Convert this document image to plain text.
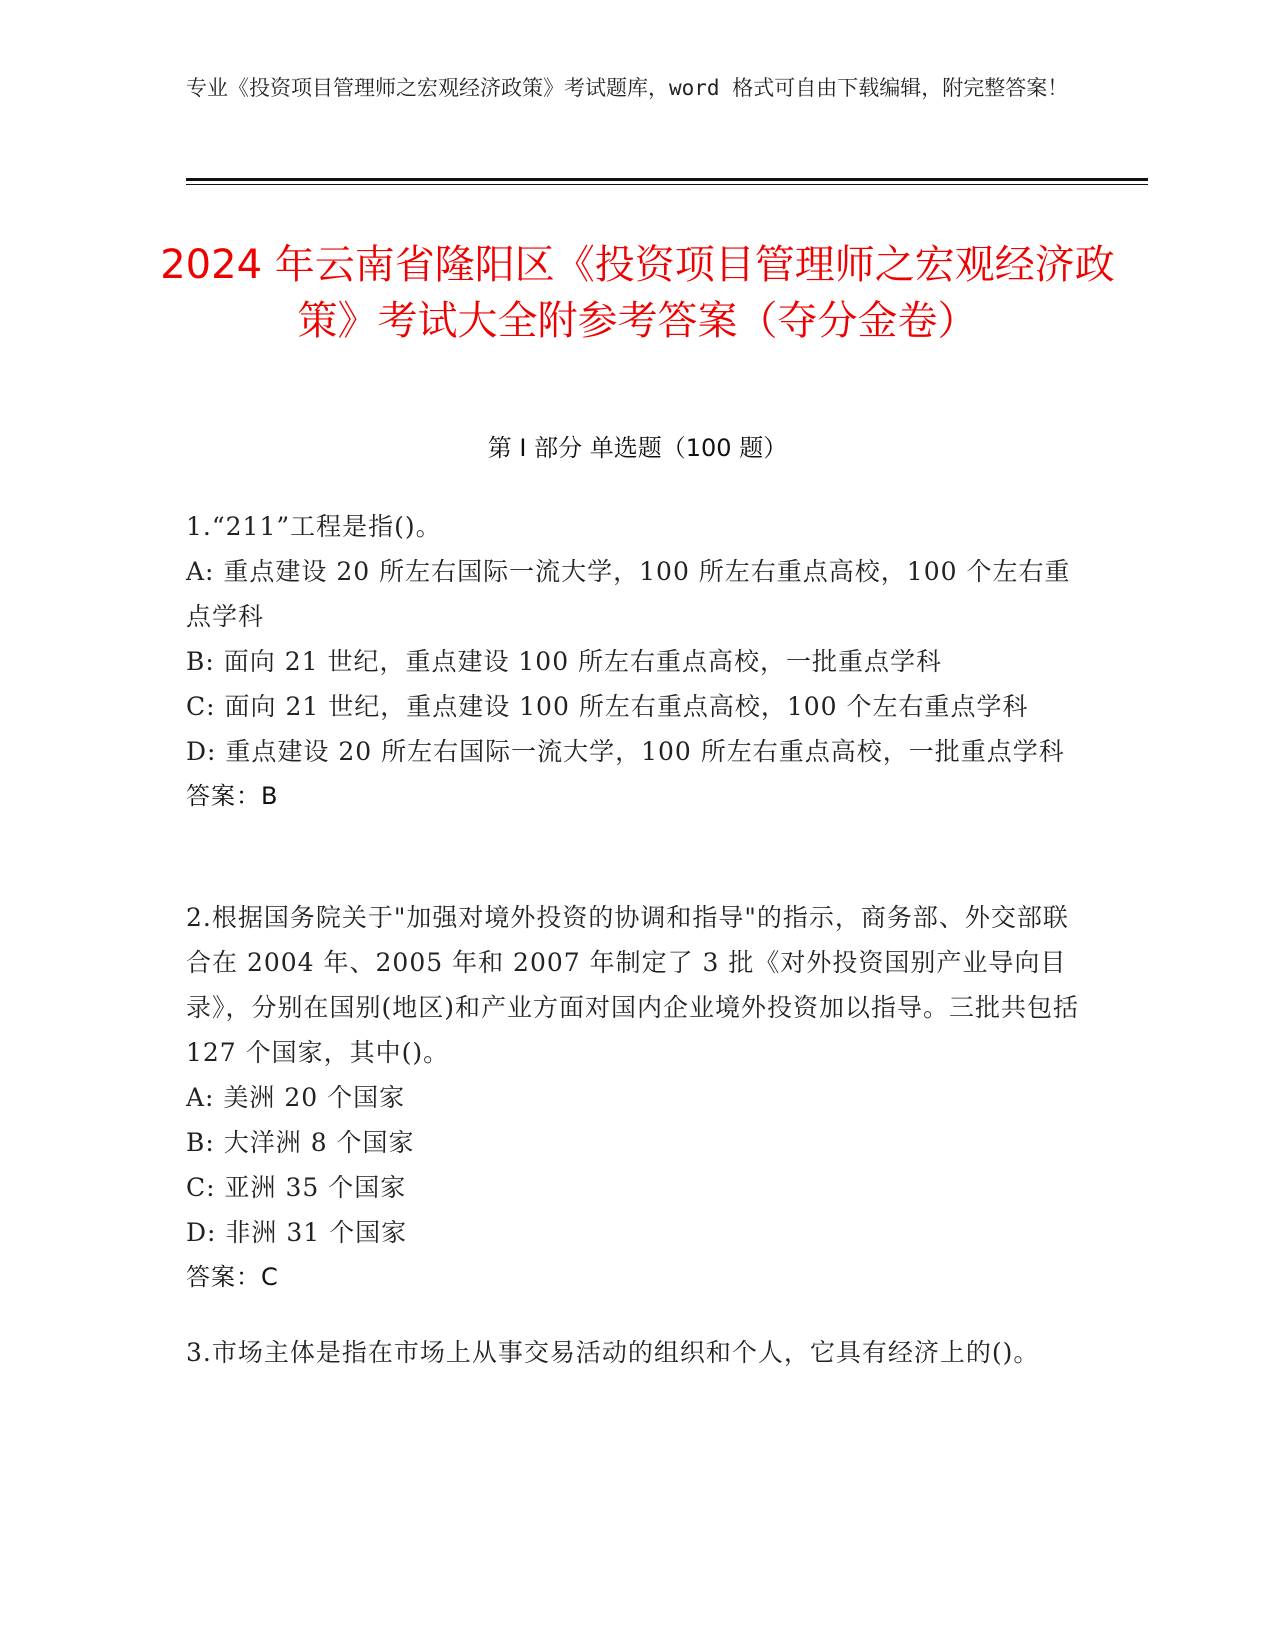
专业《投资项目管理师之宏观经济政策》考试题库，word 格式可自由下载编辑，附完整答案！
2024 年云南省隆阳区《投资项目管理师之宏观经济政策》考试大全附参考答案（夺分金卷）
第 I 部分 单选题（100 题）

1.“211”工程是指()。

A: 重点建设 20 所左右国际一流大学，100 所左右重点高校，100 个左右重点学科

B: 面向 21 世纪，重点建设 100 所左右重点高校，一批重点学科

C: 面向 21 世纪，重点建设 100 所左右重点高校，100 个左右重点学科

D: 重点建设 20 所左右国际一流大学，100 所左右重点高校，一批重点学科

答案：B

2.根据国务院关于"加强对境外投资的协调和指导"的指示，商务部、外交部联合在 2004 年、2005 年和 2007 年制定了 3 批《对外投资国别产业导向目录》，分别在国别(地区)和产业方面对国内企业境外投资加以指导。三批共包括 127 个国家，其中()。

A: 美洲 20 个国家

B: 大洋洲 8 个国家

C: 亚洲 35 个国家

D: 非洲 31 个国家

答案：C

3.市场主体是指在市场上从事交易活动的组织和个人，它具有经济上的()。
